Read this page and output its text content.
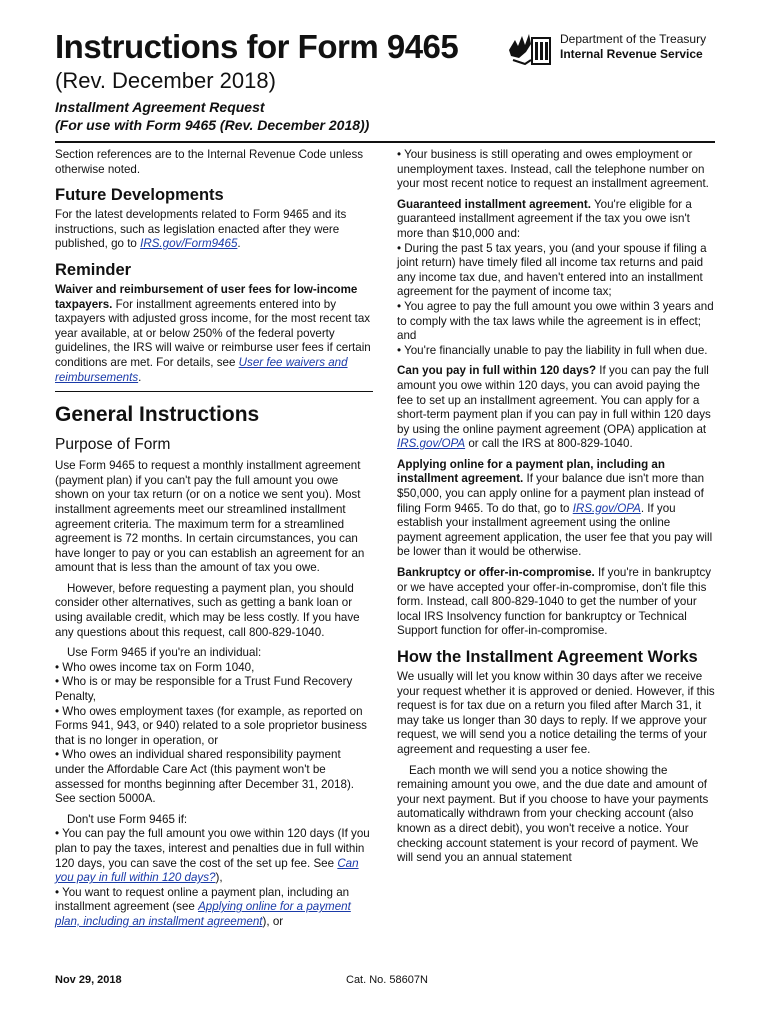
Instructions for Form 9465
(Rev. December 2018)
Installment Agreement Request
(For use with Form 9465 (Rev. December 2018))
Department of the Treasury
Internal Revenue Service

Section references are to the Internal Revenue Code unless otherwise noted.

Future Developments

For the latest developments related to Form 9465 and its instructions, such as legislation enacted after they were published, go to IRS.gov/Form9465.

Reminder

Waiver and reimbursement of user fees for low-income taxpayers. For installment agreements entered into by taxpayers with adjusted gross income, for the most recent tax year available, at or below 250% of the federal poverty guidelines, the IRS will waive or reimburse user fees if certain conditions are met. For details, see User fee waivers and reimbursements.

General Instructions
Purpose of Form

Use Form 9465 to request a monthly installment agreement (payment plan) if you can't pay the full amount you owe shown on your tax return (or on a notice we sent you). Most installment agreements meet our streamlined installment agreement criteria. The maximum term for a streamlined agreement is 72 months. In certain circumstances, you can have longer to pay or you can establish an agreement for an amount that is less than the amount of tax you owe.

However, before requesting a payment plan, you should consider other alternatives, such as getting a bank loan or using available credit, which may be less costly. If you have any questions about this request, call 800-829-1040.

Use Form 9465 if you're an individual:

• Who owes income tax on Form 1040,

• Who is or may be responsible for a Trust Fund Recovery Penalty,

• Who owes employment taxes (for example, as reported on Forms 941, 943, or 940) related to a sole proprietor business that is no longer in operation, or

• Who owes an individual shared responsibility payment under the Affordable Care Act (this payment won't be assessed for months beginning after December 31, 2018). See section 5000A.

Don't use Form 9465 if:

• You can pay the full amount you owe within 120 days (If you plan to pay the taxes, interest and penalties due in full within 120 days, you can save the cost of the set up fee. See Can you pay in full within 120 days?),

• You want to request online a payment plan, including an installment agreement (see Applying online for a payment plan, including an installment agreement), or

• Your business is still operating and owes employment or unemployment taxes. Instead, call the telephone number on your most recent notice to request an installment agreement.

Guaranteed installment agreement. You're eligible for a guaranteed installment agreement if the tax you owe isn't more than $10,000 and:

• During the past 5 tax years, you (and your spouse if filing a joint return) have timely filed all income tax returns and paid any income tax due, and haven't entered into an installment agreement for the payment of income tax;

• You agree to pay the full amount you owe within 3 years and to comply with the tax laws while the agreement is in effect; and

• You're financially unable to pay the liability in full when due.

Can you pay in full within 120 days? If you can pay the full amount you owe within 120 days, you can avoid paying the fee to set up an installment agreement. You can apply for a short-term payment plan if you can pay in full within 120 days by using the online payment agreement (OPA) application at IRS.gov/OPA or call the IRS at 800-829-1040.

Applying online for a payment plan, including an installment agreement. If your balance due isn't more than $50,000, you can apply online for a payment plan instead of filing Form 9465. To do that, go to IRS.gov/OPA. If you establish your installment agreement using the online payment agreement application, the user fee that you pay will be lower than it would be otherwise.

Bankruptcy or offer-in-compromise. If you're in bankruptcy or we have accepted your offer-in-compromise, don't file this form. Instead, call 800-829-1040 to get the number of your local IRS Insolvency function for bankruptcy or Technical Support function for offer-in-compromise.

How the Installment Agreement Works

We usually will let you know within 30 days after we receive your request whether it is approved or denied. However, if this request is for tax due on a return you filed after March 31, it may take us longer than 30 days to reply. If we approve your request, we will send you a notice detailing the terms of your agreement and requesting a user fee.

Each month we will send you a notice showing the remaining amount you owe, and the due date and amount of your next payment. But if you choose to have your payments automatically withdrawn from your checking account (also known as a direct debit), you won't receive a notice. Your checking account statement is your record of payment. We will send you an annual statement

Nov 29, 2018	Cat. No. 58607N
